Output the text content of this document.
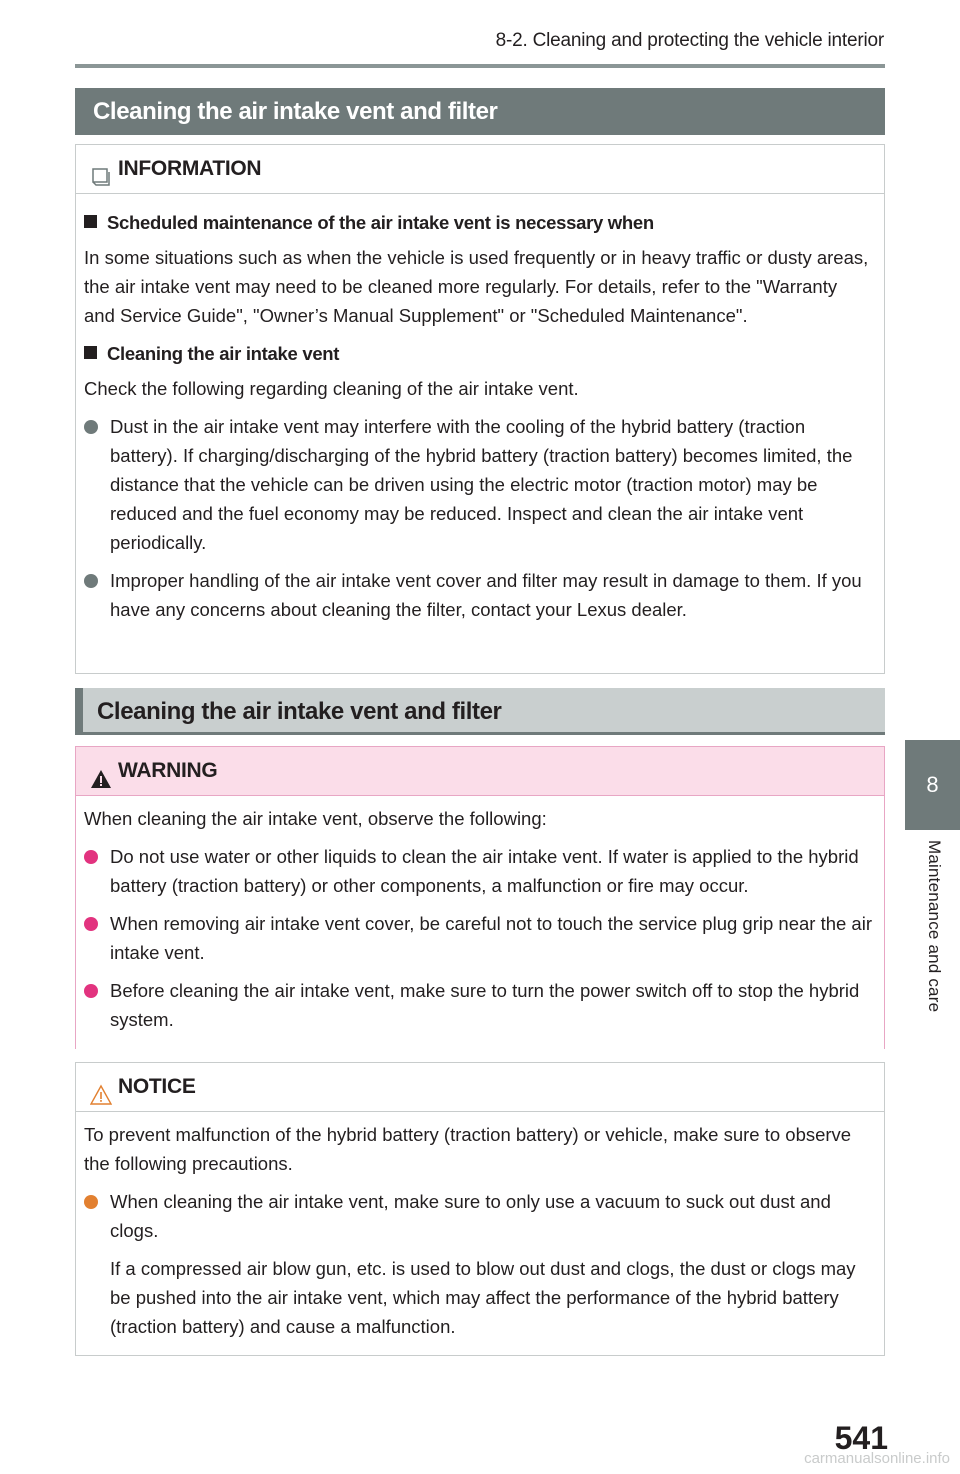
8-2. Cleaning and protecting the vehicle interior
Cleaning the air intake vent and filter
INFORMATION
Scheduled maintenance of the air intake vent is necessary when
In some situations such as when the vehicle is used frequently or in heavy traffic or dusty areas, the air intake vent may need to be cleaned more regularly. For details, refer to the "Warranty and Service Guide", "Owner’s Manual Supplement" or "Scheduled Maintenance".
Cleaning the air intake vent
Check the following regarding cleaning of the air intake vent.
Dust in the air intake vent may interfere with the cooling of the hybrid battery (traction battery). If charging/discharging of the hybrid battery (traction battery) becomes limited, the distance that the vehicle can be driven using the electric motor (traction motor) may be reduced and the fuel economy may be reduced. Inspect and clean the air intake vent periodically.
Improper handling of the air intake vent cover and filter may result in damage to them. If you have any concerns about cleaning the filter, contact your Lexus dealer.
Cleaning the air intake vent and filter
WARNING
When cleaning the air intake vent, observe the following:
Do not use water or other liquids to clean the air intake vent. If water is applied to the hybrid battery (traction battery) or other components, a malfunction or fire may occur.
When removing air intake vent cover, be careful not to touch the service plug grip near the air intake vent.
Before cleaning the air intake vent, make sure to turn the power switch off to stop the hybrid system.
NOTICE
To prevent malfunction of the hybrid battery (traction battery) or vehicle, make sure to observe the following precautions.
When cleaning the air intake vent, make sure to only use a vacuum to suck out dust and clogs.
If a compressed air blow gun, etc. is used to blow out dust and clogs, the dust or clogs may be pushed into the air intake vent, which may affect the performance of the hybrid battery (traction battery) and cause a malfunction.
8
Maintenance and care
541
carmanualsonline.info
